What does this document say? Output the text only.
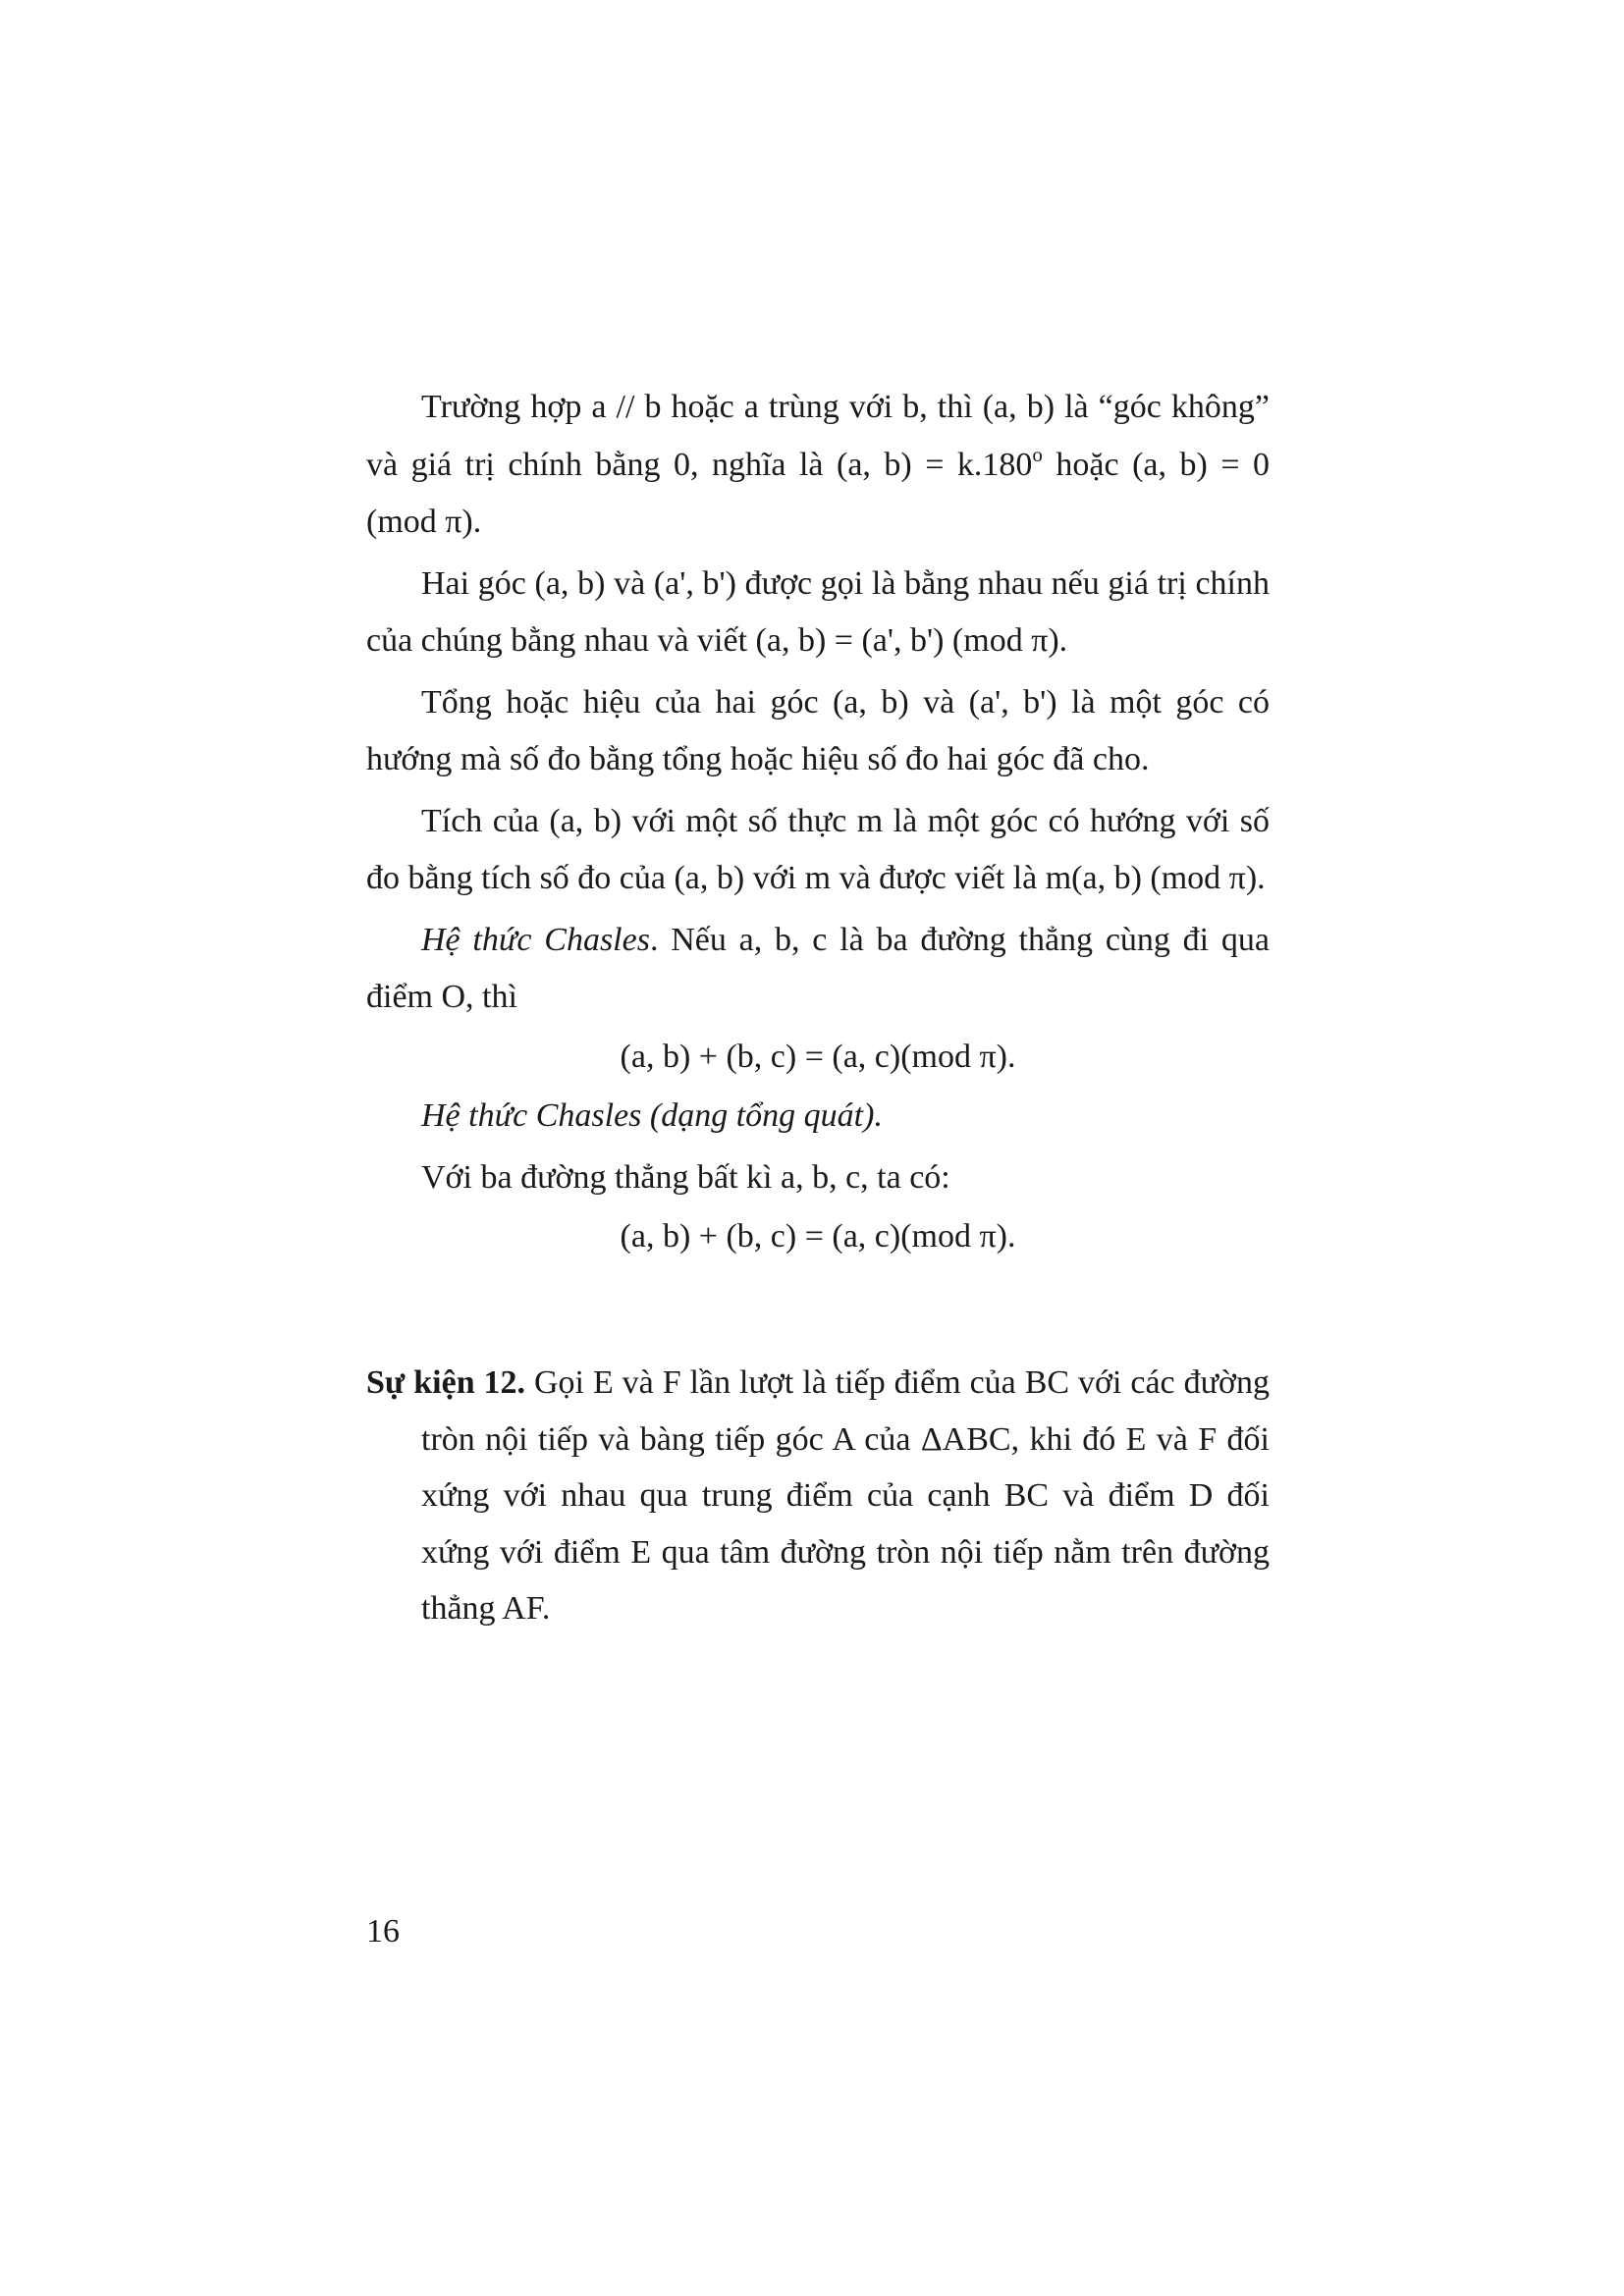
Trường hợp a // b hoặc a trùng với b, thì (a, b) là “góc không” và giá trị chính bằng 0, nghĩa là (a, $b) = k.180^o$ hoặc (a, b) = 0 (mod π).

Hai góc (a, b) và (a', b') được gọi là bằng nhau nếu giá trị chính của chúng bằng nhau và viết (a, b) = (a', b') (mod π).

Tổng hoặc hiệu của hai góc (a, b) và (a', b') là một góc có hướng mà số đo bằng tổng hoặc hiệu số đo hai góc đã cho.

Tích của (a, b) với một số thực m là một góc có hướng với số đo bằng tích số đo của (a, b) với m và được viết là m(a, b) (mod π).

Hệ thức Chasles. Nếu a, b, c là ba đường thẳng cùng đi qua điểm O, thì

(a, b) + (b, c) = (a, c)(mod π).

Hệ thức Chasles (dạng tổng quát).

Với ba đường thẳng bất kì a, b, c, ta có:

(a, b) + (b, c) = (a, c)(mod π).

Sự kiện 12. Gọi E và F lần lượt là tiếp điểm của BC với các đường tròn nội tiếp và bàng tiếp góc A của ΔABC, khi đó E và F đối xứng với nhau qua trung điểm của cạnh BC và điểm D đối xứng với điểm E qua tâm đường tròn nội tiếp nằm trên đường thẳng AF.

16
